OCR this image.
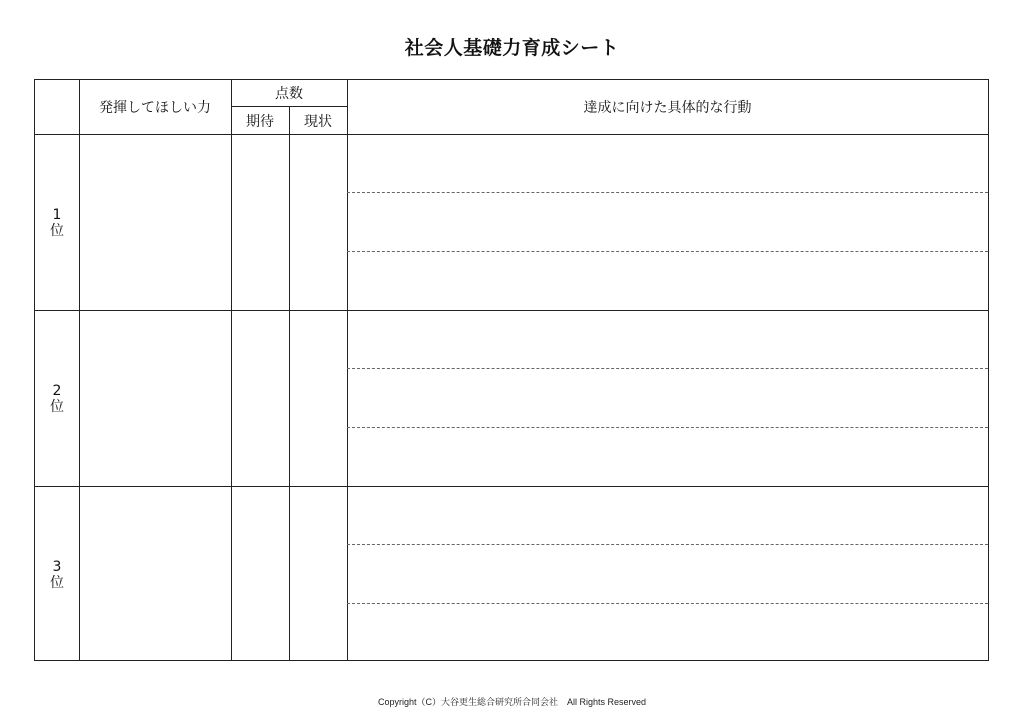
社会人基礎力育成シート
発揮してほしい力
点数
期待	現状
達成に向けた具体的な行動
1
位
2
位
3
位
Copyright（C）大谷更生総合研究所合同会社　All Rights Reserved
